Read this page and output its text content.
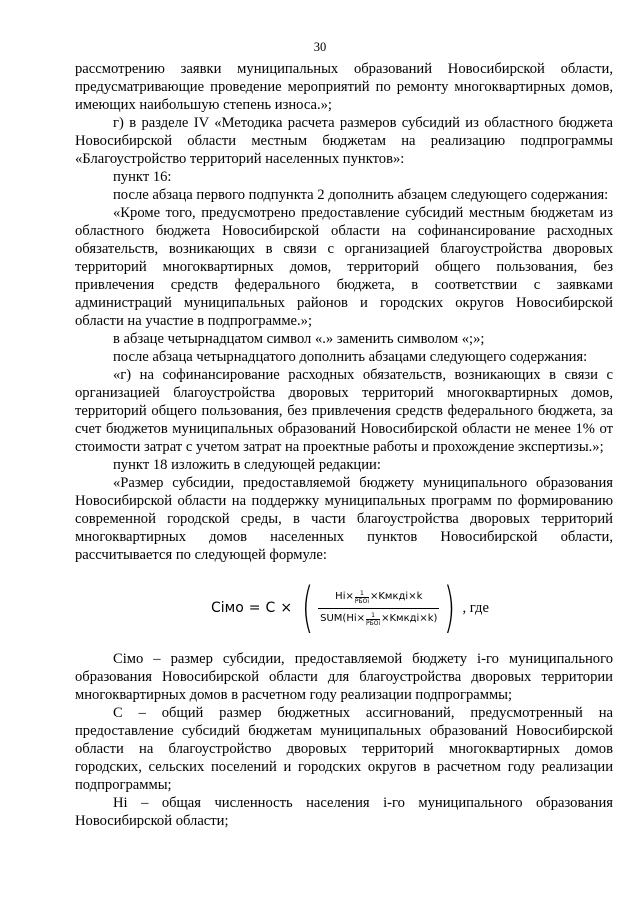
30

рассмотрению заявки муниципальных образований Новосибирской области, предусматривающие проведение мероприятий по ремонту многоквартирных домов, имеющих наибольшую степень износа.»;

г) в разделе IV «Методика расчета размеров субсидий из областного бюджета Новосибирской области местным бюджетам на реализацию подпрограммы «Благоустройство территорий населенных пунктов»:

пункт 16:

после абзаца первого подпункта 2 дополнить абзацем следующего содержания:

«Кроме того, предусмотрено предоставление субсидий местным бюджетам из областного бюджета Новосибирской области на софинансирование расходных обязательств, возникающих в связи с организацией благоустройства дворовых территорий многоквартирных домов, территорий общего пользования, без привлечения средств федерального бюджета, в соответствии с заявками администраций муниципальных районов и городских округов Новосибирской области на участие в подпрограмме.»;

в абзаце четырнадцатом символ «.» заменить символом «;»;

после абзаца четырнадцатого дополнить абзацами следующего содержания:

«г) на софинансирование расходных обязательств, возникающих в связи с организацией благоустройства дворовых территорий многоквартирных домов, территорий общего пользования, без привлечения средств федерального бюджета, за счет бюджетов муниципальных образований Новосибирской области не менее 1% от стоимости затрат с учетом затрат на проектные работы и прохождение экспертизы.»;

пункт 18 изложить в следующей редакции:

«Размер субсидии, предоставляемой бюджету муниципального образования Новосибирской области на поддержку муниципальных программ по формированию современной городской среды, в части благоустройства дворовых территорий многоквартирных домов населенных пунктов Новосибирской области, рассчитывается по следующей формуле:

Ciмо = C × ( Hi× 1
PБOi ×Kмкдi×k
SUM(Hi× 1
PБOi ×Kмкдi×k) ) , где

Ciмо – размер субсидии, предоставляемой бюджету i-го муниципального образования Новосибирской области для благоустройства дворовых территории многоквартирных домов в расчетном году реализации подпрограммы;

С – общий размер бюджетных ассигнований, предусмотренный на предоставление субсидий бюджетам муниципальных образований Новосибирской области на благоустройство дворовых территорий многоквартирных домов городских, сельских поселений и городских округов в расчетном году реализации подпрограммы;

Hi – общая численность населения i-го муниципального образования Новосибирской области;
